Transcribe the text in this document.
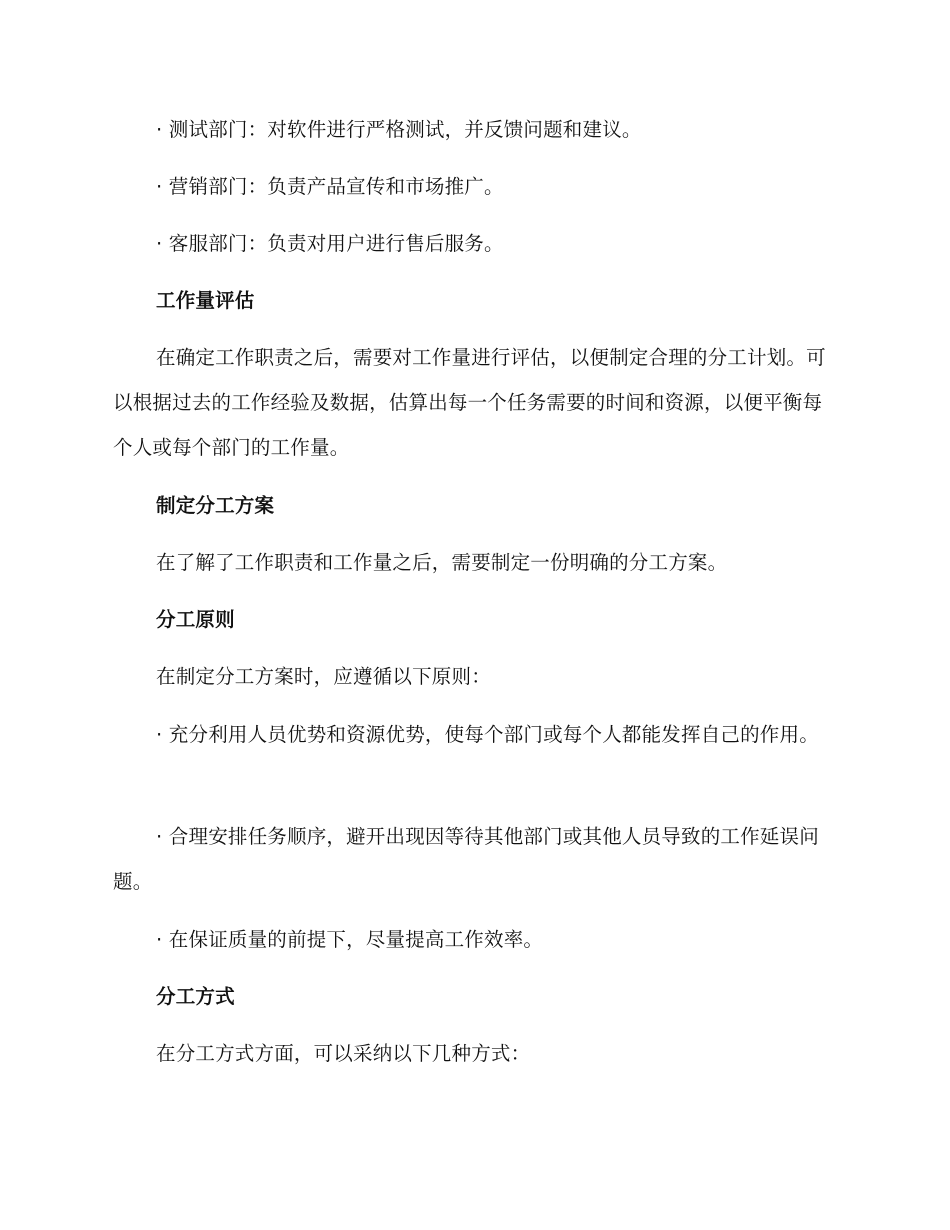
· 测试部门：对软件进行严格测试，并反馈问题和建议。

· 营销部门：负责产品宣传和市场推广。

· 客服部门：负责对用户进行售后服务。

工作量评估

在确定工作职责之后，需要对工作量进行评估，以便制定合理的分工计划。可以根据过去的工作经验及数据，估算出每一个任务需要的时间和资源，以便平衡每个人或每个部门的工作量。

制定分工方案

在了解了工作职责和工作量之后，需要制定一份明确的分工方案。

分工原则

在制定分工方案时，应遵循以下原则：

· 充分利用人员优势和资源优势，使每个部门或每个人都能发挥自己的作用。

· 合理安排任务顺序，避开出现因等待其他部门或其他人员导致的工作延误问题。

· 在保证质量的前提下，尽量提高工作效率。

分工方式

在分工方式方面，可以采纳以下几种方式：
